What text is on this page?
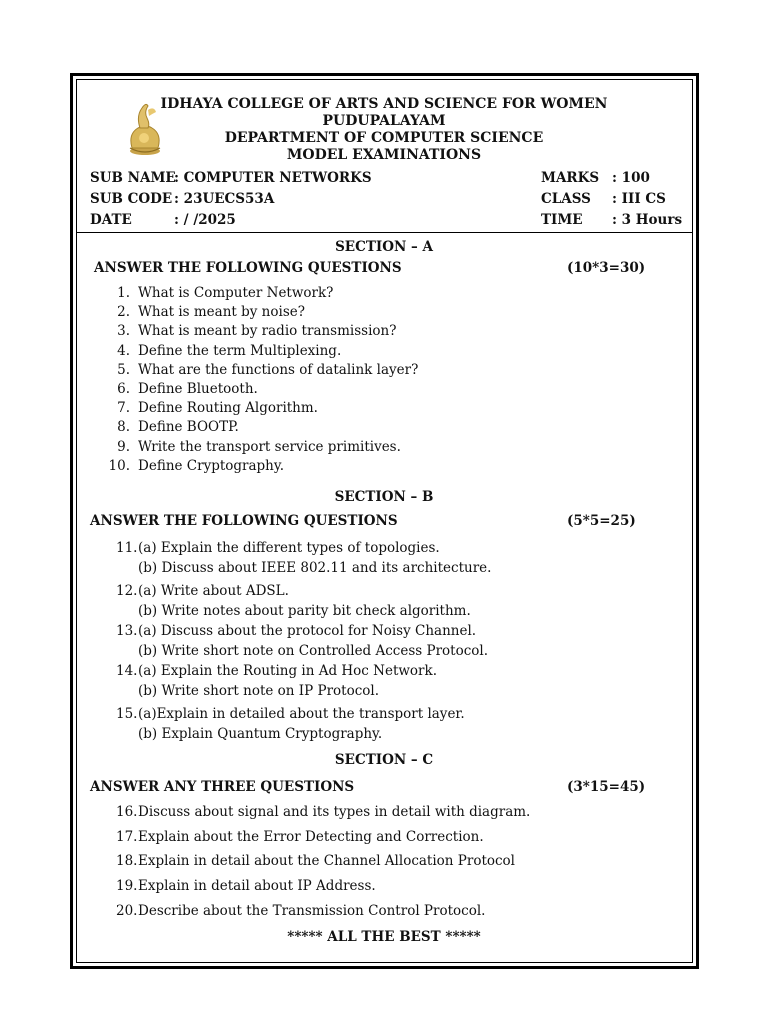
IDHAYA COLLEGE OF ARTS AND SCIENCE FOR WOMEN
PUDUPALAYAM
DEPARTMENT OF COMPUTER SCIENCE
MODEL EXAMINATIONS
SUB NAME
: COMPUTER NETWORKS
SUB CODE : 23UECS53A
DATE	: / /2025
MARKS : 100
CLASS : III CS
TIME : 3 Hours
SECTION – A
ANSWER THE FOLLOWING QUESTIONS	(10*3=30)
1. What is Computer Network?
2. What is meant by noise?
3. What is meant by radio transmission?
4. Define the term Multiplexing.
5. What are the functions of datalink layer?
6. Define Bluetooth.
7. Define Routing Algorithm.
8. Define BOOTP.
9. Write the transport service primitives.
10. Define Cryptography.
SECTION – B
ANSWER THE FOLLOWING QUESTIONS	(5*5=25)
11. (a) Explain the different types of topologies.
(b) Discuss about IEEE 802.11 and its architecture.
12. (a) Write about ADSL.
(b) Write notes about parity bit check algorithm.
13. (a) Discuss about the protocol for Noisy Channel.
(b) Write short note on Controlled Access Protocol.
14. (a) Explain the Routing in Ad Hoc Network.
(b) Write short note on IP Protocol.
15. (a)Explain in detailed about the transport layer.
(b) Explain Quantum Cryptography.
SECTION – C
ANSWER ANY THREE QUESTIONS	(3*15=45)
16. Discuss about signal and its types in detail with diagram.
17. Explain about the Error Detecting and Correction.
18. Explain in detail about the Channel Allocation Protocol
19. Explain in detail about IP Address.
20. Describe about the Transmission Control Protocol.
***** ALL THE BEST *****
